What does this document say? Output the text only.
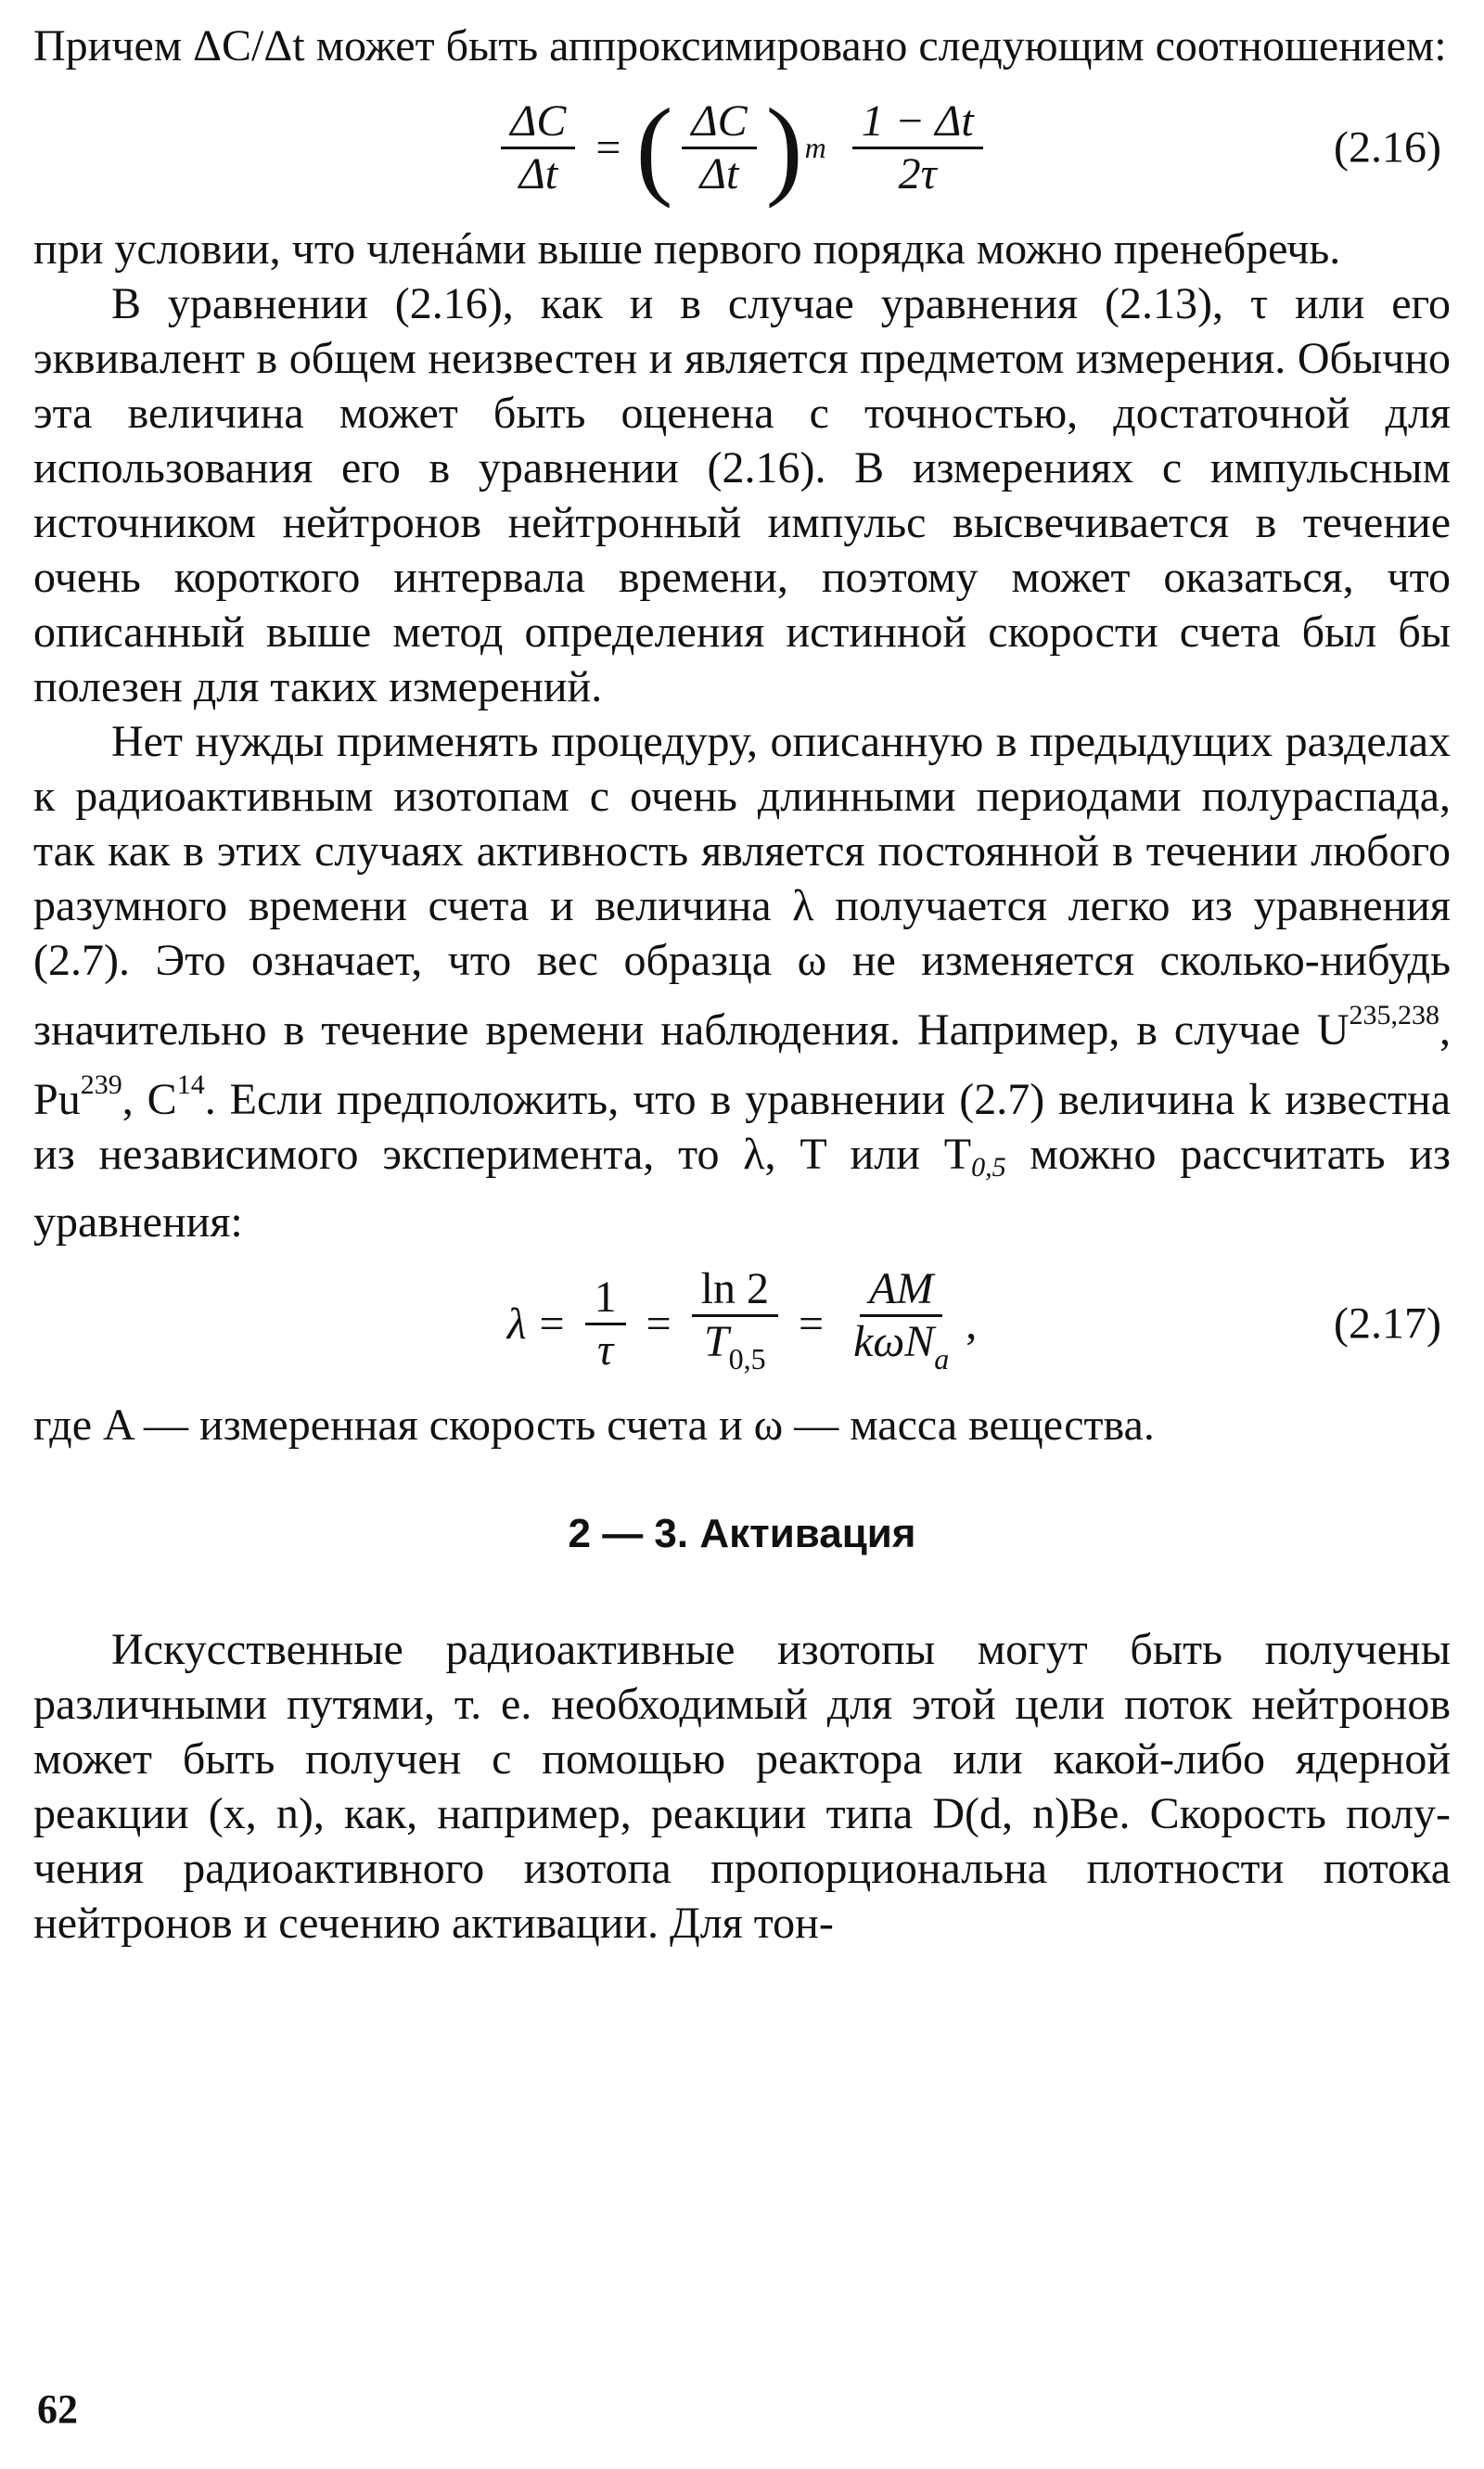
Причем ΔC/Δt может быть аппроксимировано следующим соотношением:

$\frac{\Delta C}{\Delta t}$ = ( $\frac{\Delta C}{\Delta t}$ ) m $\frac{1 - \Delta t}{2\tau}$	(2.16)

при условии, что членáми выше первого порядка можно пренебречь.

В уравнении (2.16), как и в случае уравнения (2.13), τ или его эквивалент в общем неизвестен и является предметом измерения. Обычно эта величина может быть оценена с точностью, достаточной для использования его в уравнении (2.16). В измерениях с импульсным источником нейтронов нейтронный импульс высвечивается в течение очень короткого интервала времени, поэтому может оказаться, что описанный выше метод определения истинной скорости счета был бы полезен для таких измерений.

Нет нужды применять процедуру, описанную в предыдущих разделах к радиоактивным изотопам с очень длинными периодами полураспада, так как в этих случаях активность является постоянной в течении любого разумного времени счета и величина λ получается легко из уравнения (2.7). Это означает, что вес образца ω не изменяется сколько-нибудь значительно в течение времени наблюдения. Например, в случае U$^{235,238}$, Pu$^{239}$, $C^{14}$. Если предположить, что в уравнении (2.7) величина k известна из независимого эксперимента, то λ, T или $T_{0,5}$ можно рассчитать из уравнения:

$\lambda = \frac{1}{\tau} = \frac{\ln 2}{T_{0,5}} = \frac{AM}{k\omega N_a}$ ,	(2.17)

где A — измеренная скорость счета и ω — масса вещества.

2 — 3. Активация

Искусственные радиоактивные изотопы могут быть получены различными путями, т. е. необходимый для этой цели поток нейтронов может быть получен с помощью реактора или какой-либо ядерной реакции (x, n), как, например, реакции типа D(d, n)Be. Скорость получения радиоактивного изотопа пропорциональна плотности потока нейтронов и сечению активации. Для тон-

62
